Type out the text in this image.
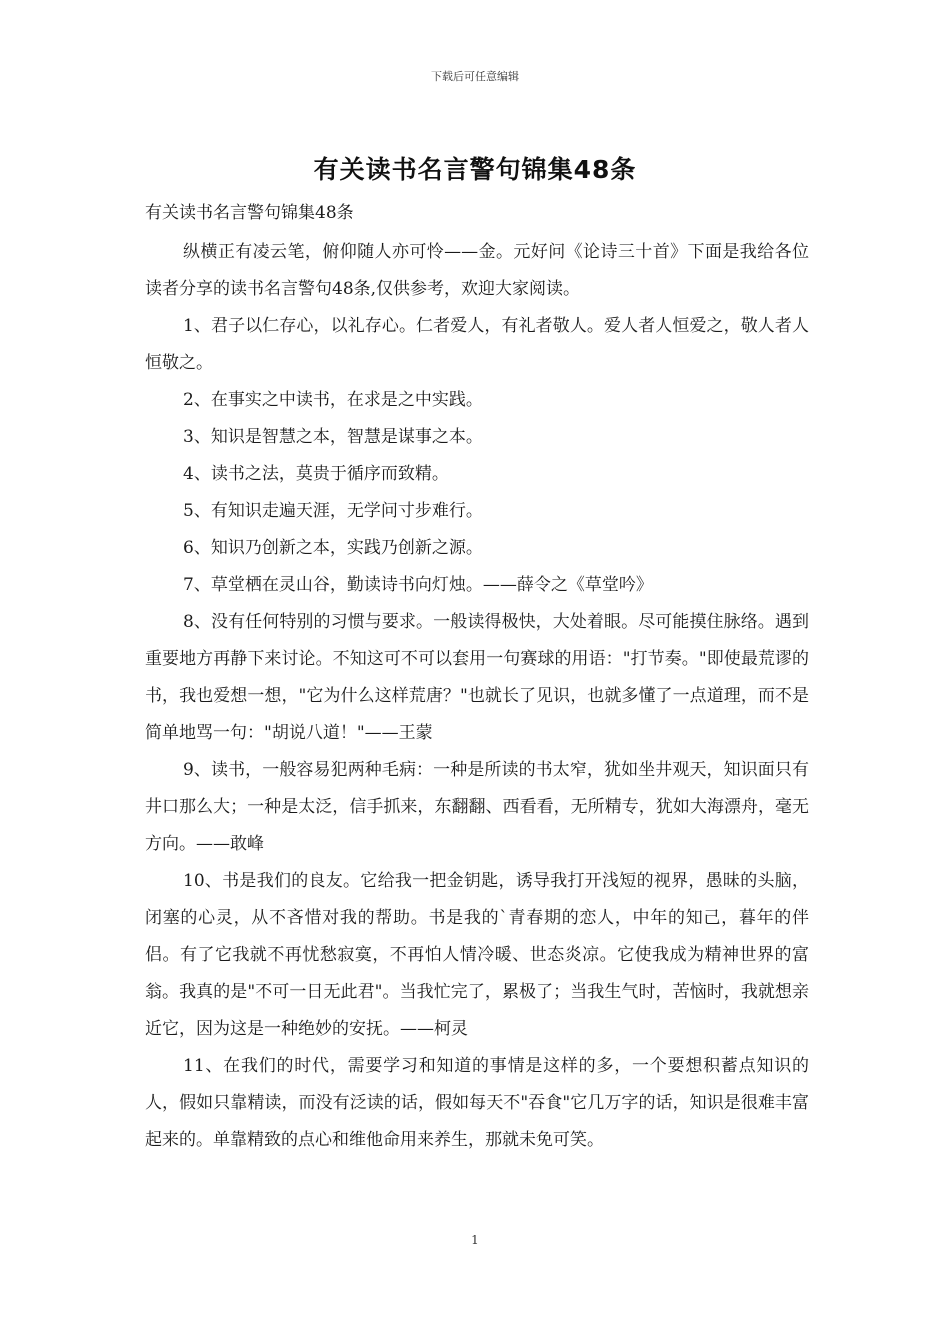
下载后可任意编辑
有关读书名言警句锦集48条
有关读书名言警句锦集48条

纵横正有凌云笔，俯仰随人亦可怜——金。元好问《论诗三十首》下面是我给各位读者分享的读书名言警句48条,仅供参考，欢迎大家阅读。

1、君子以仁存心，以礼存心。仁者爱人，有礼者敬人。爱人者人恒爱之，敬人者人恒敬之。

2、在事实之中读书，在求是之中实践。

3、知识是智慧之本，智慧是谋事之本。

4、读书之法，莫贵于循序而致精。

5、有知识走遍天涯，无学问寸步难行。

6、知识乃创新之本，实践乃创新之源。

7、草堂栖在灵山谷，勤读诗书向灯烛。——薛令之《草堂吟》

8、没有任何特别的习惯与要求。一般读得极快，大处着眼。尽可能摸住脉络。遇到重要地方再静下来讨论。不知这可不可以套用一句赛球的用语："打节奏。"即使最荒谬的书，我也爱想一想，"它为什么这样荒唐？"也就长了见识，也就多懂了一点道理，而不是简单地骂一句："胡说八道！"——王蒙

9、读书，一般容易犯两种毛病：一种是所读的书太窄，犹如坐井观天，知识面只有井口那么大；一种是太泛，信手抓来，东翻翻、西看看，无所精专，犹如大海漂舟，毫无方向。——敢峰

10、书是我们的良友。它给我一把金钥匙，诱导我打开浅短的视界，愚昧的头脑，闭塞的心灵，从不吝惜对我的帮助。书是我的`青春期的恋人，中年的知己，暮年的伴侣。有了它我就不再忧愁寂寞，不再怕人情冷暖、世态炎凉。它使我成为精神世界的富翁。我真的是"不可一日无此君"。当我忙完了，累极了；当我生气时，苦恼时，我就想亲近它，因为这是一种绝妙的安抚。——柯灵

11、在我们的时代，需要学习和知道的事情是这样的多，一个要想积蓄点知识的人，假如只靠精读，而没有泛读的话，假如每天不"吞食"它几万字的话，知识是很难丰富起来的。单靠精致的点心和维他命用来养生，那就未免可笑。

1
